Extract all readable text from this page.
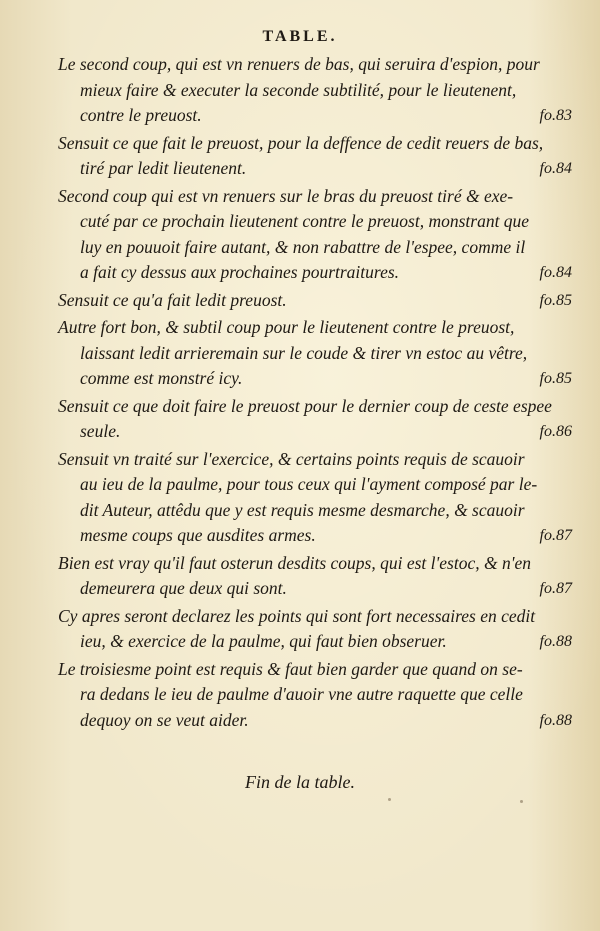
TABLE.
Le second coup, qui est vn renuers de bas, qui seruira d'espion, pour
mieux faire & executer la seconde subtilité, pour le lieutenent,
contre le preuost.	fo.83
Sensuit ce que fait le preuost, pour la deffence de cedit reuers de bas,
tiré par ledit lieutenent.	fo.84
Second coup qui est vn renuers sur le bras du preuost tiré & exe-
cuté par ce prochain lieutenent contre le preuost, monstrant que
luy en pouuoit faire autant, & non rabattre de l'espee, comme il
a fait cy dessus aux prochaines pourtraitures.	fo.84
Sensuit ce qu'a fait ledit preuost.	fo.85
Autre fort bon, & subtil coup pour le lieutenent contre le preuost,
laissant ledit arrieremain sur le coude & tirer vn estoc au vêtre,
comme est monstré icy.	fo.85
Sensuit ce que doit faire le preuost pour le dernier coup de ceste espee
seule.	fo.86
Sensuit vn traité sur l'exercice, & certains points requis de scauoir
au ieu de la paulme, pour tous ceux qui l'ayment composé par le-
dit Auteur, attêdu que y est requis mesme desmarche, & scauoir
mesme coups que ausdites armes.	fo.87
Bien est vray qu'il faut osterun desdits coups, qui est l'estoc, & n'en
demeurera que deux qui sont.	fo.87
Cy apres seront declarez les points qui sont fort necessaires en cedit
ieu, & exercice de la paulme, qui faut bien obseruer.	fo.88
Le troisiesme point est requis & faut bien garder que quand on se-
ra dedans le ieu de paulme d'auoir vne autre raquette que celle
dequoy on se veut aider.	fo.88
Fin de la table.
